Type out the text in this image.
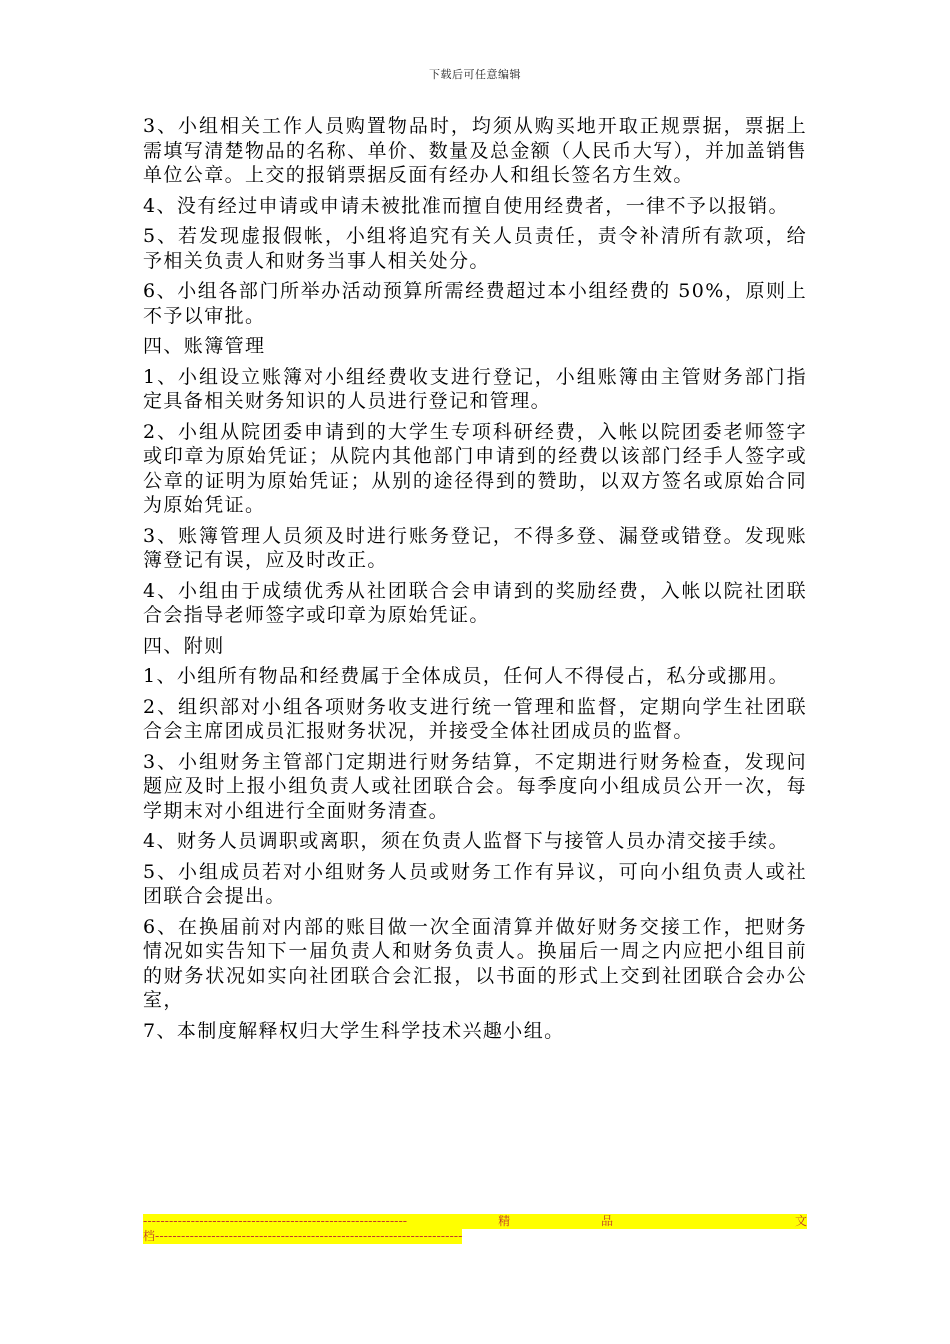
下载后可任意编辑

3、小组相关工作人员购置物品时，均须从购买地开取正规票据，票据上需填写清楚物品的名称、单价、数量及总金额（人民币大写），并加盖销售单位公章。上交的报销票据反面有经办人和组长签名方生效。

4、没有经过申请或申请未被批准而擅自使用经费者，一律不予以报销。

5、若发现虚报假帐，小组将追究有关人员责任，责令补清所有款项，给予相关负责人和财务当事人相关处分。

6、小组各部门所举办活动预算所需经费超过本小组经费的 50%，原则上不予以审批。

四、账簿管理

1、小组设立账簿对小组经费收支进行登记，小组账簿由主管财务部门指定具备相关财务知识的人员进行登记和管理。

2、小组从院团委申请到的大学生专项科研经费，入帐以院团委老师签字或印章为原始凭证；从院内其他部门申请到的经费以该部门经手人签字或公章的证明为原始凭证；从别的途径得到的赞助，以双方签名或原始合同为原始凭证。

3、账簿管理人员须及时进行账务登记，不得多登、漏登或错登。发现账簿登记有误，应及时改正。

4、小组由于成绩优秀从社团联合会申请到的奖励经费，入帐以院社团联合会指导老师签字或印章为原始凭证。

四、附则

1、小组所有物品和经费属于全体成员，任何人不得侵占，私分或挪用。

2、组织部对小组各项财务收支进行统一管理和监督，定期向学生社团联合会主席团成员汇报财务状况，并接受全体社团成员的监督。

3、小组财务主管部门定期进行财务结算，不定期进行财务检查，发现问题应及时上报小组负责人或社团联合会。每季度向小组成员公开一次，每学期末对小组进行全面财务清查。

4、财务人员调职或离职，须在负责人监督下与接管人员办清交接手续。

5、小组成员若对小组财务人员或财务工作有异议，可向小组负责人或社团联合会提出。

6、在换届前对内部的账目做一次全面清算并做好财务交接工作，把财务情况如实告知下一届负责人和财务负责人。换届后一周之内应把小组目前的财务状况如实向社团联合会汇报，以书面的形式上交到社团联合会办公室，

7、本制度解释权归大学生科学技术兴趣小组。

-------------------------------------------------------------	精	品	文
档-----------------------------------------------------------------------
